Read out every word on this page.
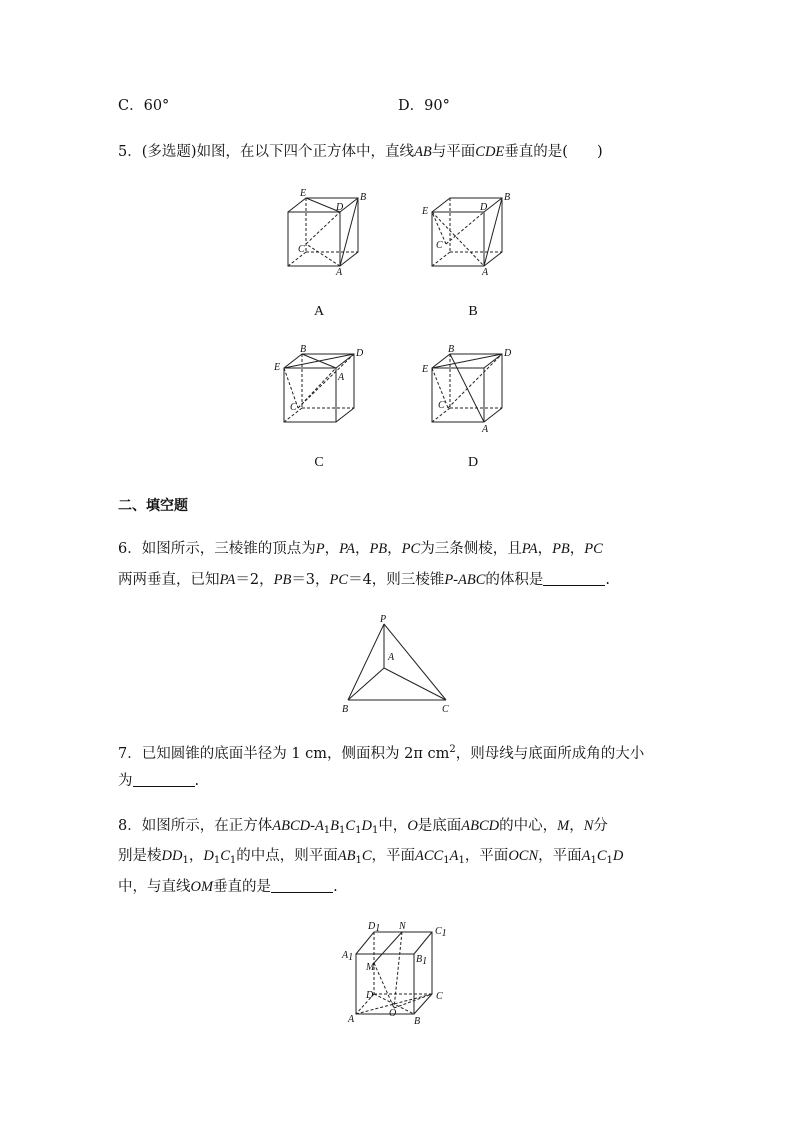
C．60°	D．90°
5．(多选题)如图，在以下四个正方体中，直线AB与平面CDE垂直的是(　　)
E	B
D
C
A
A
E
B
D
C
A
B
B	D
E
A
C
C
B	D
E
C
A
D
二、填空题
6．如图所示，三棱锥的顶点为P，PA，PB，PC为三条侧棱，且PA，PB，PC
两两垂直，已知PA＝2，PB＝3，PC＝4，则三棱锥P-ABC的体积是	.
P
A
B	C
7．已知圆锥的底面半径为 1 cm，侧面积为 2π $cm^2$，则母线与底面所成角的大小
为	.
8．如图所示，在正方体ABCD-$A_1B_1C_1D_1$中，O是底面ABCD的中心，M，N分
别是棱$DD_1$，$D_1C_1$的中点，则平面$AB_1C$，平面$ACC_1A_1$，平面OCN，平面$A_1C_1D$
中，与直线OM垂直的是	.
D1 N	C1
A1
M
B1
D	C
O
A	B
